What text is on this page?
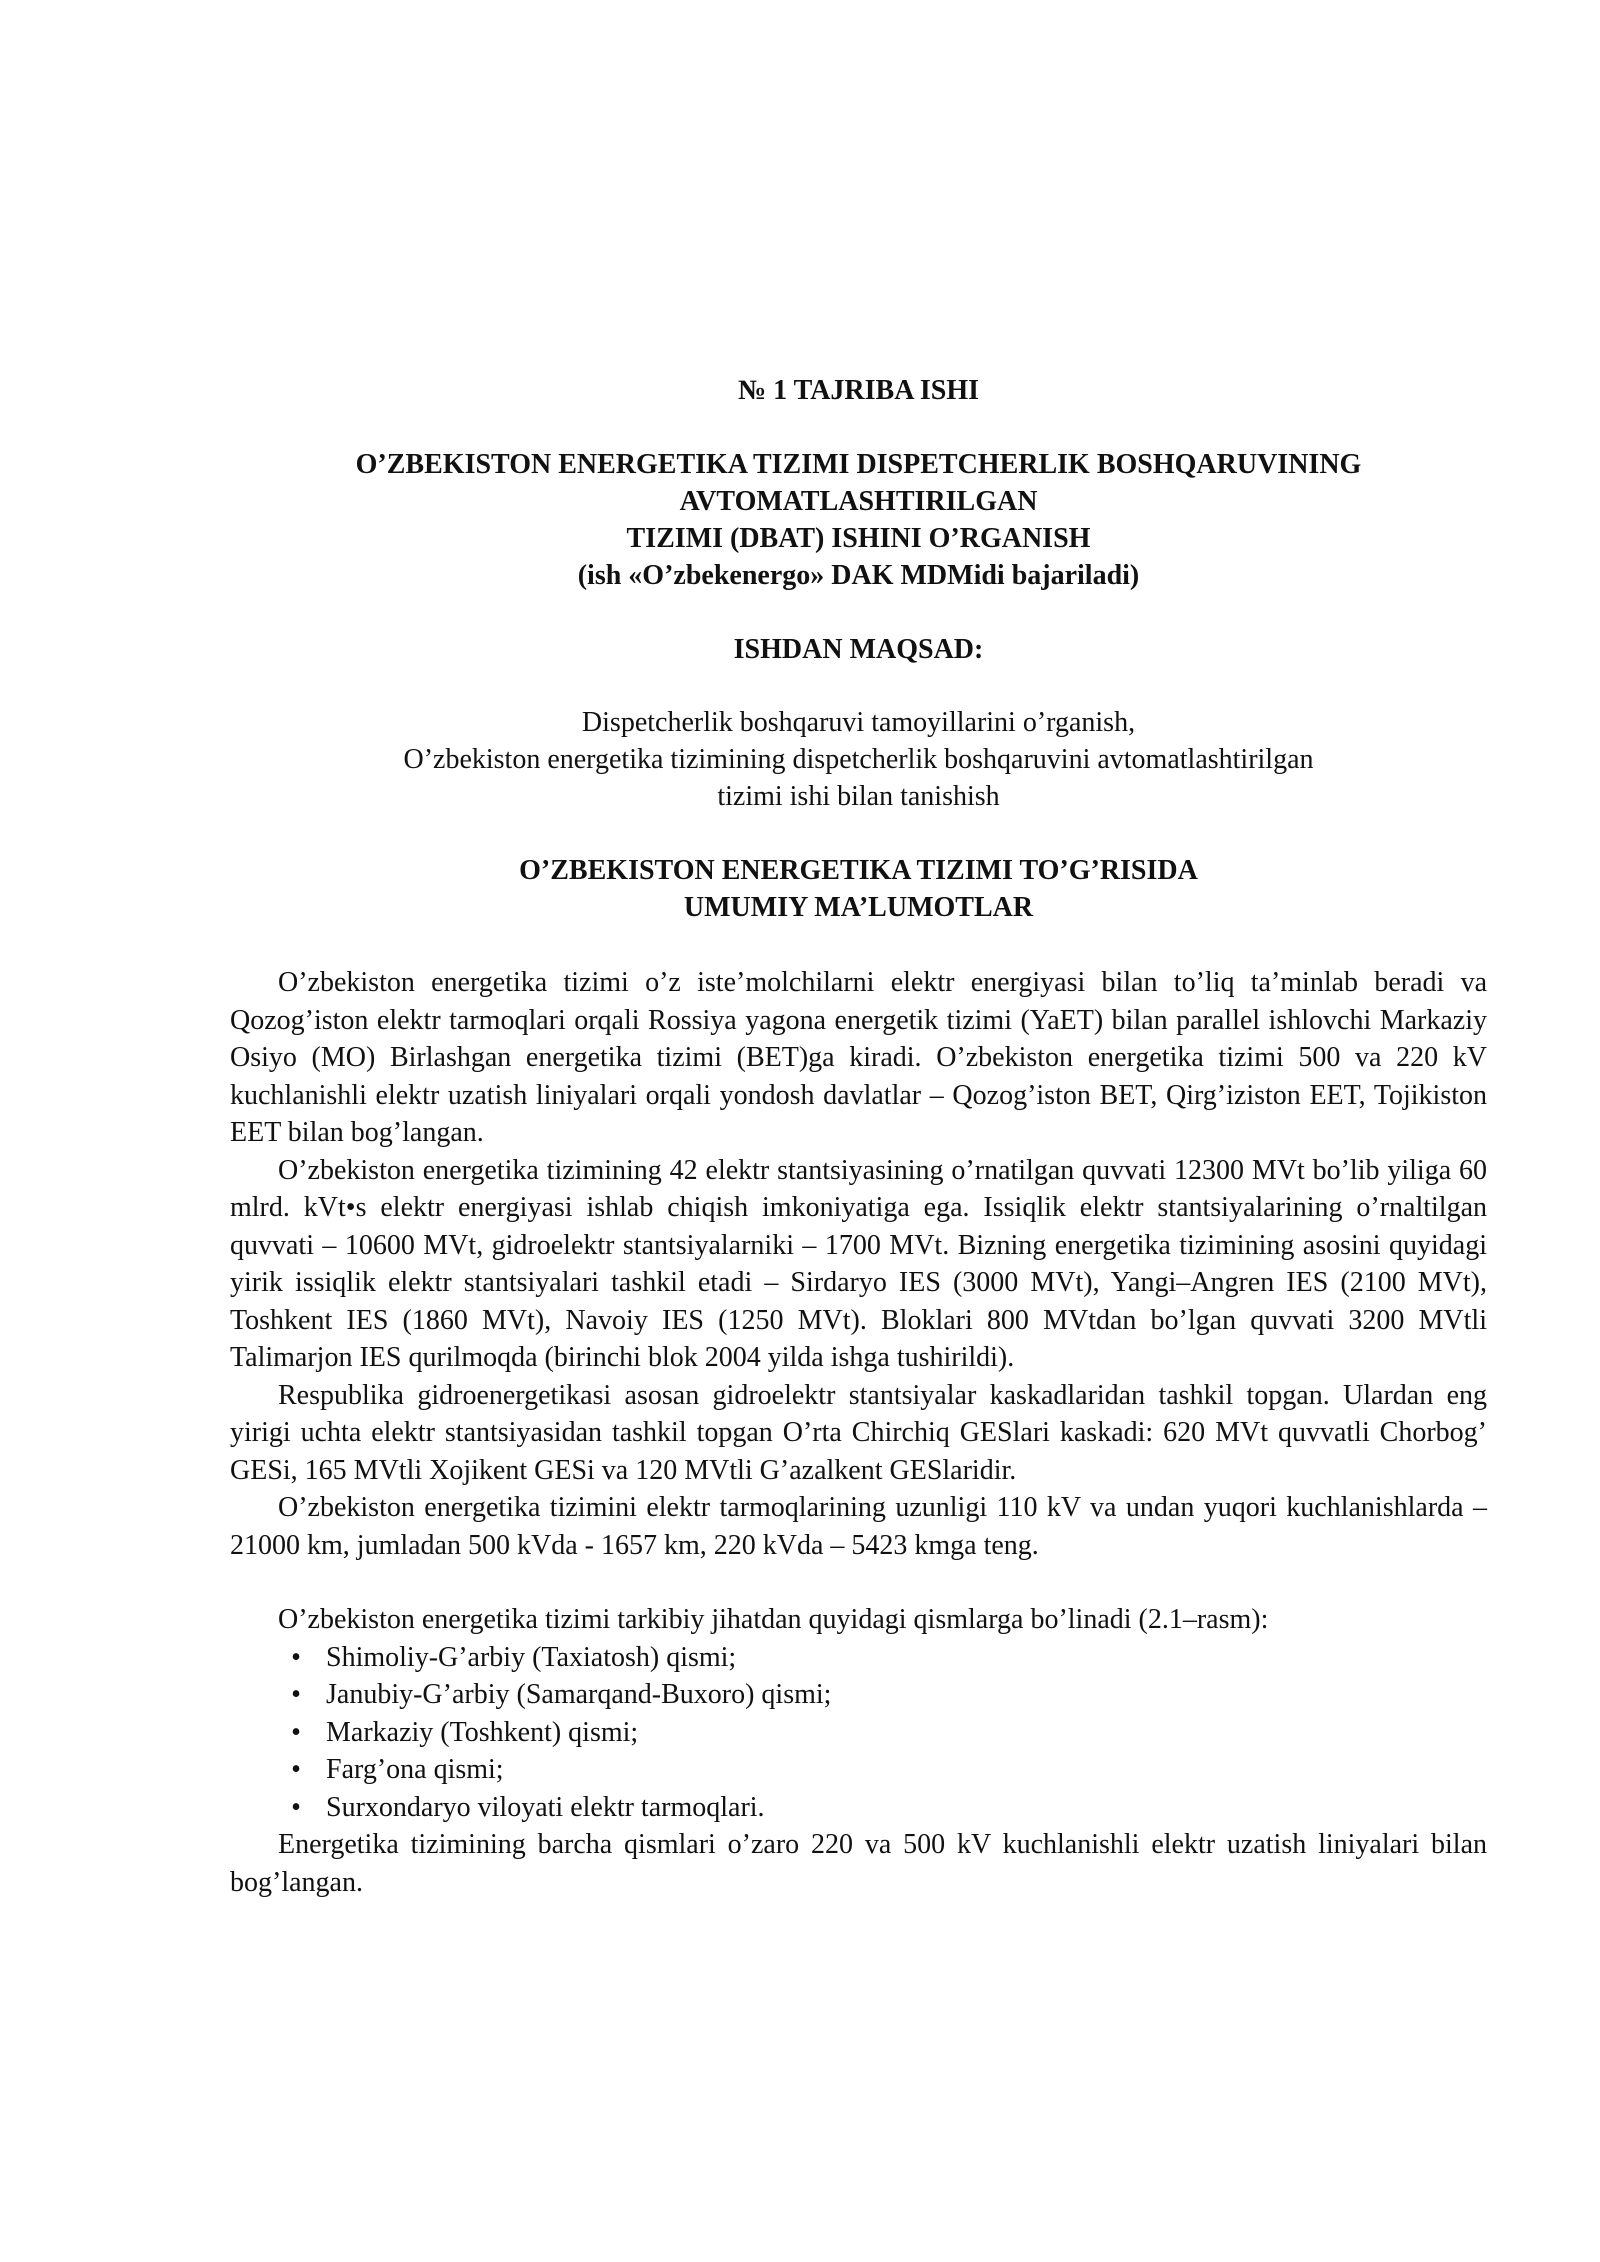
№ 1 TAJRIBA ISHI
O’ZBEKISTON ENERGETIKA TIZIMI DISPETCHERLIK BOSHQARUVINING
AVTOMATLASHTIRILGAN
TIZIMI (DBAT) ISHINI O’RGANISH
(ish «O’zbekenergo» DAK MDMidi bajariladi)
ISHDAN MAQSAD:
Dispetcherlik boshqaruvi tamoyillarini o’rganish,
O’zbekiston energetika tizimining dispetcherlik boshqaruvini avtomatlashtirilgan
tizimi ishi bilan tanishish
O’ZBEKISTON ENERGETIKA TIZIMI TO’G’RISIDA
UMUMIY MA’LUMOTLAR

O’zbekiston energetika tizimi o’z iste’molchilarni elektr energiyasi bilan to’liq ta’minlab beradi va Qozog’iston elektr tarmoqlari orqali Rossiya yagona energetik tizimi (YaET) bilan parallel ishlovchi Markaziy Osiyo (MO) Birlashgan energetika tizimi (BET)ga kiradi. O’zbekiston energetika tizimi 500 va 220 kV kuchlanishli elektr uzatish liniyalari orqali yondosh davlatlar – Qozog’iston BET, Qirg’iziston EET, Tojikiston EET bilan bog’langan.

O’zbekiston energetika tizimining 42 elektr stantsiyasining o’rnatilgan quvvati 12300 MVt bo’lib yiliga 60 mlrd. kVt•s elektr energiyasi ishlab chiqish imkoniyatiga ega. Issiqlik elektr stantsiyalarining o’rnaltilgan quvvati – 10600 MVt, gidroelektr stantsiyalarniki – 1700 MVt. Bizning energetika tizimining asosini quyidagi yirik issiqlik elektr stantsiyalari tashkil etadi – Sirdaryo IES (3000 MVt), Yangi–Angren IES (2100 MVt), Toshkent IES (1860 MVt), Navoiy IES (1250 MVt). Bloklari 800 MVtdan bo’lgan quvvati 3200 MVtli Talimarjon IES qurilmoqda (birinchi blok 2004 yilda ishga tushirildi).

Respublika gidroenergetikasi asosan gidroelektr stantsiyalar kaskadlaridan tashkil topgan. Ulardan eng yirigi uchta elektr stantsiyasidan tashkil topgan O’rta Chirchiq GESlari kaskadi: 620 MVt quvvatli Chorbog’ GESi, 165 MVtli Xojikent GESi va 120 MVtli G’azalkent GESlaridir.

O’zbekiston energetika tizimini elektr tarmoqlarining uzunligi 110 kV va undan yuqori kuchlanishlarda – 21000 km, jumladan 500 kVda - 1657 km, 220 kVda – 5423 kmga teng.

O’zbekiston energetika tizimi tarkibiy jihatdan quyidagi qismlarga bo’linadi (2.1–rasm):

• Shimoliy-G’arbiy (Taxiatosh) qismi;
• Janubiy-G’arbiy (Samarqand-Buxoro) qismi;
• Markaziy (Toshkent) qismi;
• Farg’ona qismi;
• Surxondaryo viloyati elektr tarmoqlari.

Energetika tizimining barcha qismlari o’zaro 220 va 500 kV kuchlanishli elektr uzatish liniyalari bilan bog’langan.
